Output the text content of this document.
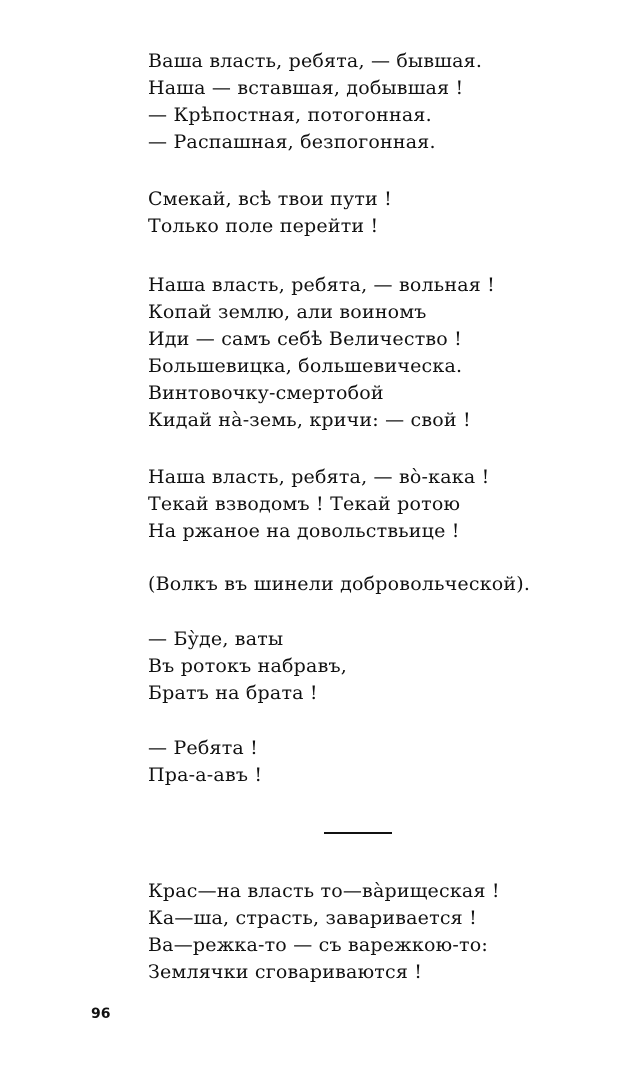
Ваша власть, ребята, — бывшая.
Наша — вставшая, добывшая !
— Крѣпостная, потогонная.
— Распашная, безпогонная.
Смекай, всѣ твои пути !
Только поле перейти !
Наша власть, ребята, — вольная !
Копай землю, али воиномъ
Иди — самъ себѣ Величество !
Большевицка, большевическа.
Винтовочку-смертобой
Кидай нà-земь, кричи: — свой !
Наша власть, ребята, — вò-кака !
Текай взводомъ ! Текай ротою
На ржаное на довольствьице !
(Волкъ въ шинели добровольческой).
— Бу̀де, ваты
Въ ротокъ набравъ,
Братъ на брата !
— Ребята !
Пра-а-авъ !
Крас—на власть то—ва̀рищеская !
Ка—ша, страсть, заваривается !
Ва—режка-то — съ варежкою-то:
Землячки сговариваются !
96
